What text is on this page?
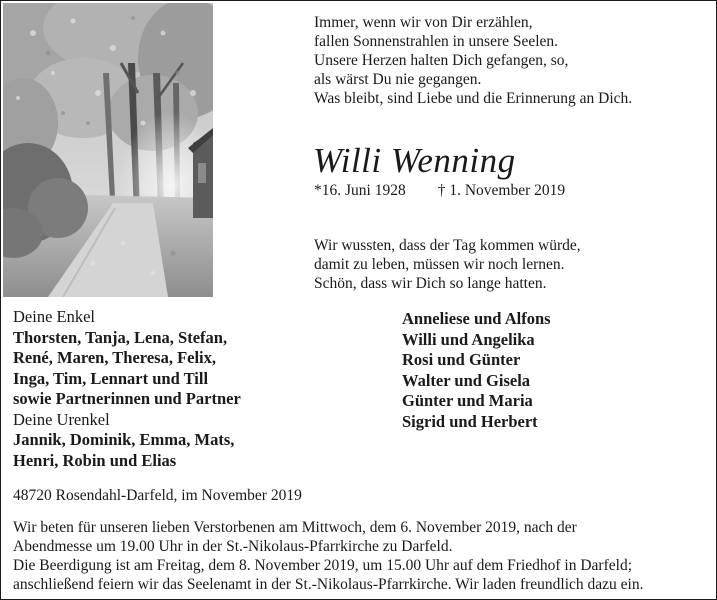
Immer, wenn wir von Dir erzählen,
fallen Sonnenstrahlen in unsere Seelen.
Unsere Herzen halten Dich gefangen, so,
als wärst Du nie gegangen.
Was bleibt, sind Liebe und die Erinnerung an Dich.
Willi Wenning
*16. Juni 1928 † 1. November 2019
Wir wussten, dass der Tag kommen würde,
damit zu leben, müssen wir noch lernen.
Schön, dass wir Dich so lange hatten.
Deine Enkel
Thorsten, Tanja, Lena, Stefan,
René, Maren, Theresa, Felix,
Inga, Tim, Lennart und Till
sowie Partnerinnen und Partner
Deine Urenkel
Jannik, Dominik, Emma, Mats,
Henri, Robin und Elias
Anneliese und Alfons
Willi und Angelika
Rosi und Günter
Walter und Gisela
Günter und Maria
Sigrid und Herbert
48720 Rosendahl-Darfeld, im November 2019
Wir beten für unseren lieben Verstorbenen am Mittwoch, dem 6. November 2019, nach der
Abendmesse um 19.00 Uhr in der St.-Nikolaus-Pfarrkirche zu Darfeld.
Die Beerdigung ist am Freitag, dem 8. November 2019, um 15.00 Uhr auf dem Friedhof in Darfeld;
anschließend feiern wir das Seelenamt in der St.-Nikolaus-Pfarrkirche. Wir laden freundlich dazu ein.
